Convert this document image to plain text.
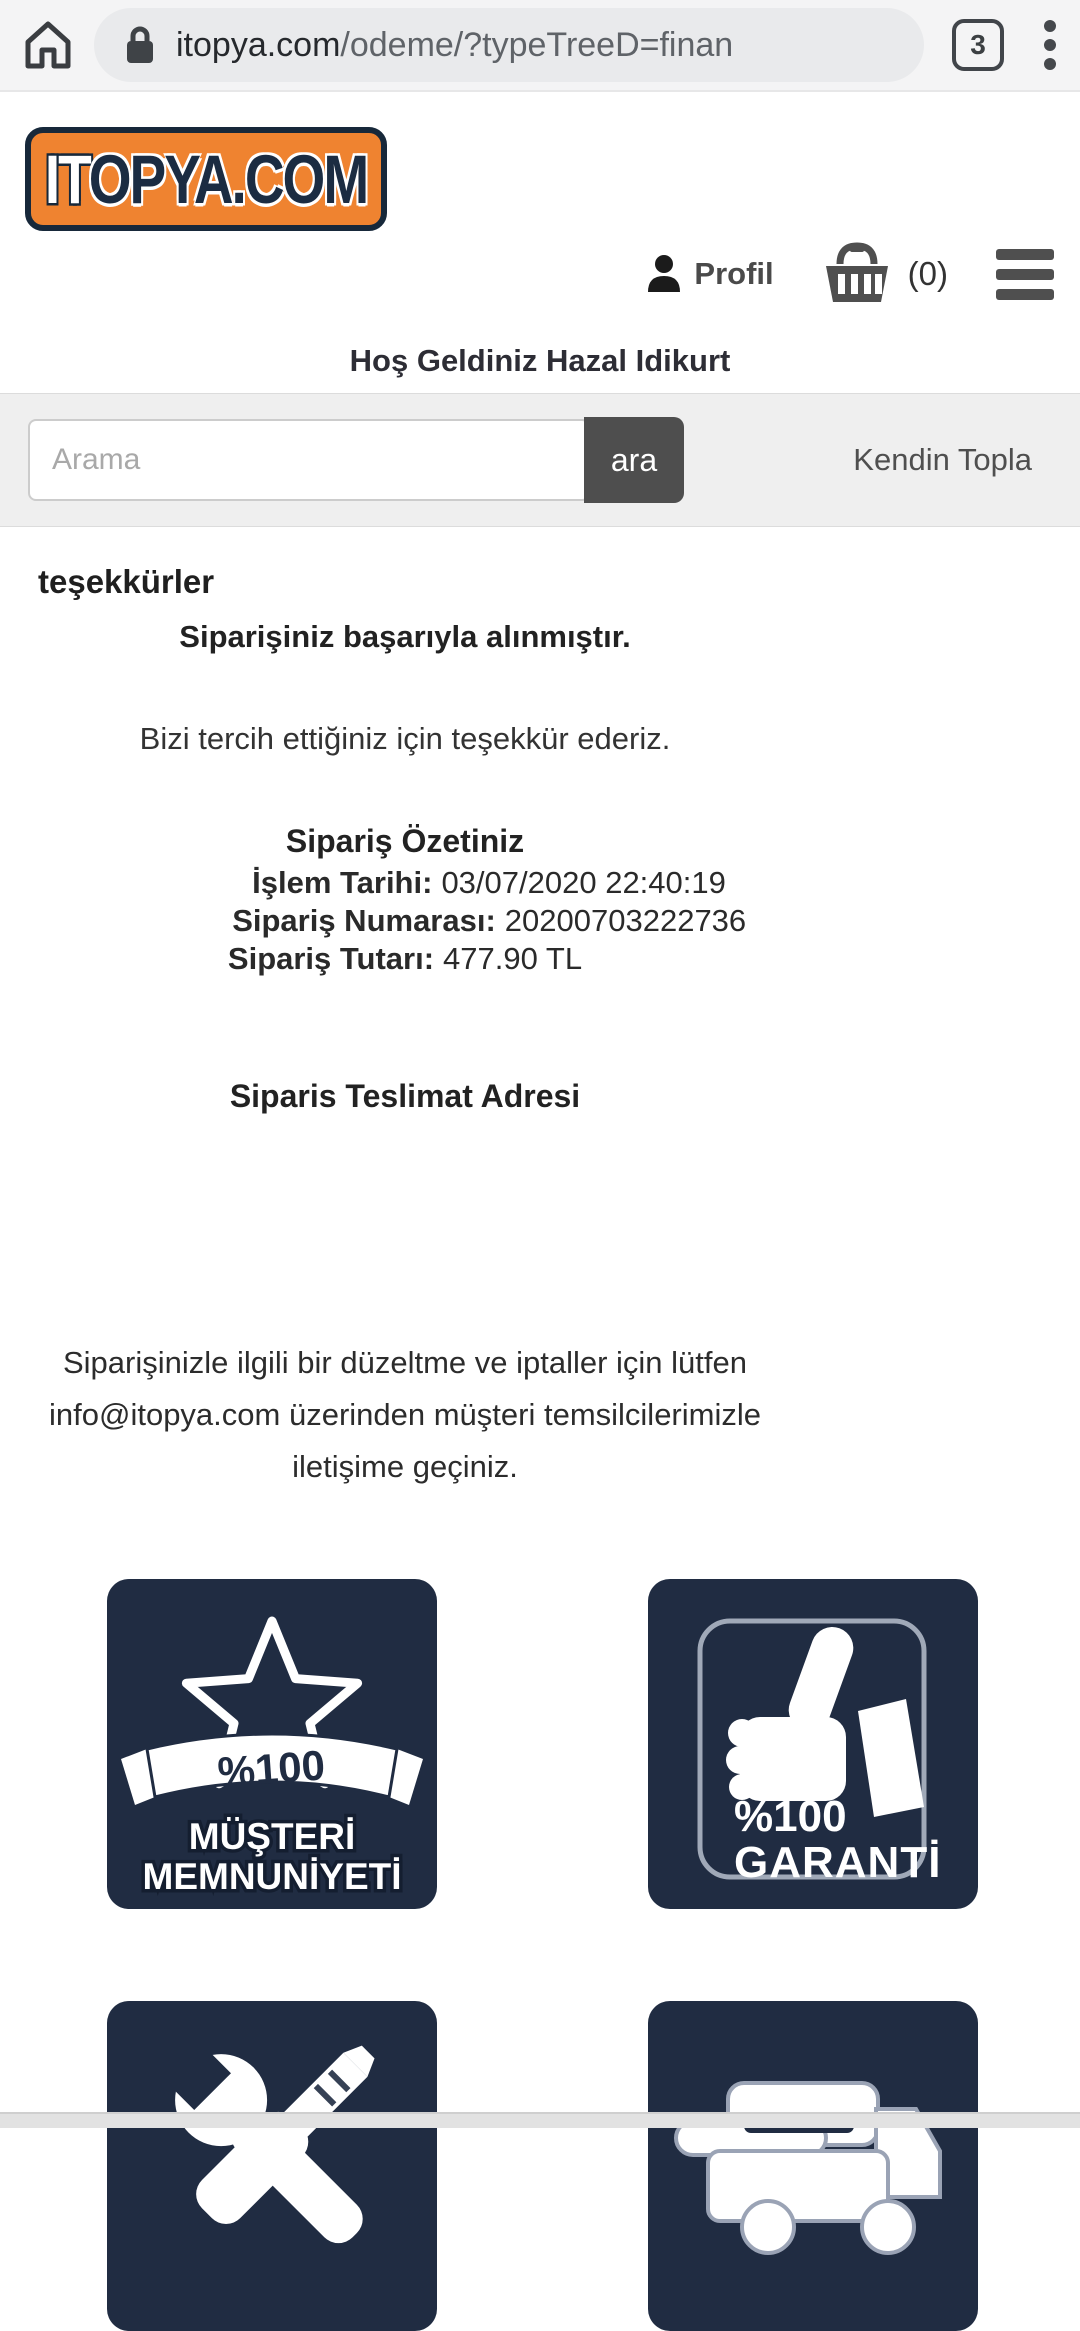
itopya.com/odeme/?typeTreeD=finan	3
ITOPYA.COM
Profil	(0)
Hoş Geldiniz Hazal Idikurt
Arama
ara	Kendin Topla
teşekkürler
Siparişiniz başarıyla alınmıştır.
Bizi tercih ettiğiniz için teşekkür ederiz.
Sipariş Özetiniz
İşlem Tarihi: 03/07/2020 22:40:19
Sipariş Numarası: 20200703222736
Sipariş Tutarı: 477.90 TL
Siparis Teslimat Adresi
Siparişinizle ilgili bir düzeltme ve iptaller için lütfen
info@itopya.com üzerinden müşteri temsilcilerimizle
iletişime geçiniz.
%100
MÜŞTERİ
MEMNUNİYETİ
%100
GARANTİ
